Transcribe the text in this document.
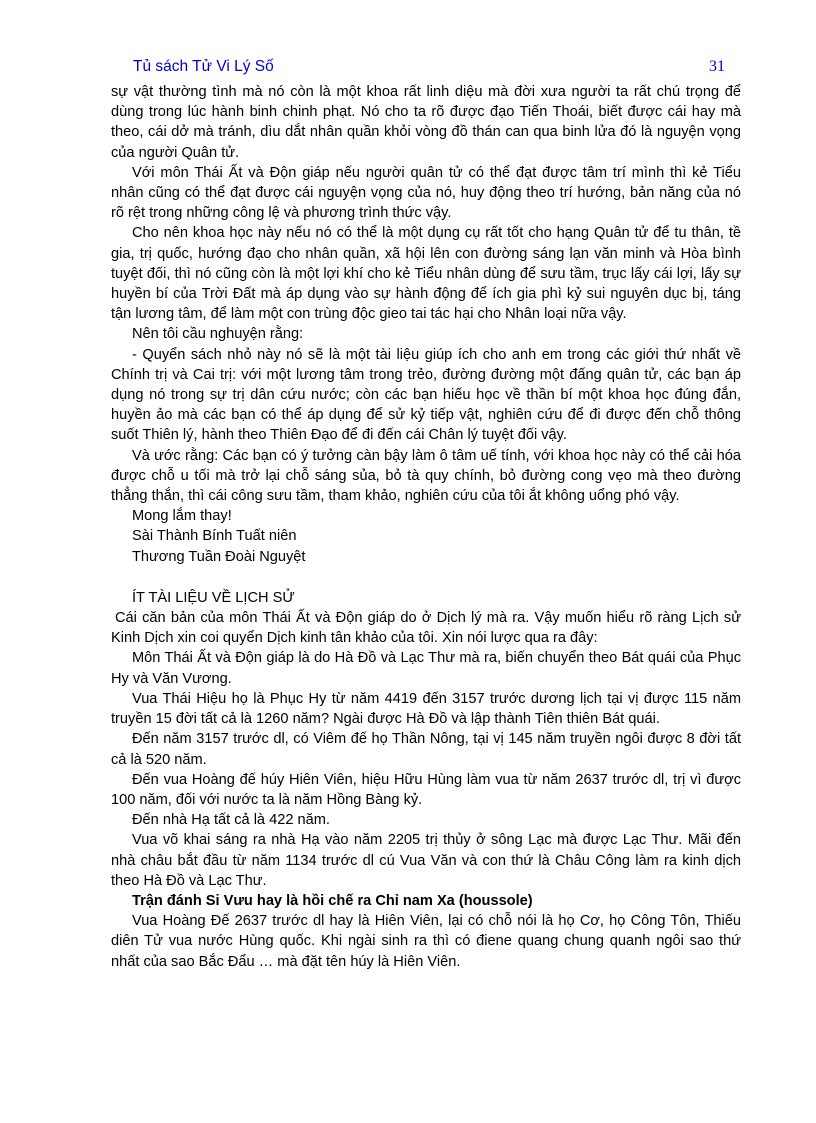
Tủ sách Tử Vi Lý Số	31

sự vật thường tình mà nó còn là một khoa rất linh diệu mà đời xưa người ta rất chú trọng để dùng trong lúc hành binh chinh phạt. Nó cho ta rõ được đạo Tiến Thoái, biết được cái hay mà theo, cái dở mà tránh, dìu dắt nhân quần khỏi vòng đồ thán can qua binh lửa đó là nguyện vọng của người Quân tử.

Với môn Thái Ất và Độn giáp nếu người quân tử có thể đạt được tâm trí mình thì kẻ Tiểu nhân cũng có thể đạt được cái nguyện vọng của nó, huy động theo trí hướng, bản năng của nó rõ rệt trong những công lệ và phương trình thức vậy.

Cho nên khoa học này nếu nó có thể là một dụng cụ rất tốt cho hạng Quân tử để tu thân, tề gia, trị quốc, hướng đạo cho nhân quần, xã hội lên con đường sáng lạn văn minh và Hòa bình tuyệt đối, thì nó cũng còn là một lợi khí cho kẻ Tiểu nhân dùng để sưu tầm, trục lấy cái lợi, lấy sự huyền bí của Trời Đất mà áp dụng vào sự hành động để ích gia phì kỷ sui nguyên dục bị, táng tận lương tâm, để làm một con trùng độc gieo tai tác hại cho Nhân loại nữa vậy.

Nên tôi cầu nghuyện rằng:

- Quyển sách nhỏ này nó sẽ là một tài liệu giúp ích cho anh em trong các giới thứ nhất về Chính trị và Cai trị: với một lương tâm trong trẻo, đường đường một đấng quân tử, các bạn áp dụng nó trong sự trị dân cứu nước; còn các bạn hiếu học về thần bí một khoa học đúng đắn, huyền ảo mà các bạn có thể áp dụng để sử kỷ tiếp vật, nghiên cứu để đi được đến chỗ thông suốt Thiên lý, hành theo Thiên Đạo để đi đến cái Chân lý tuyệt đối vậy.

Và ước rằng: Các bạn có ý tưởng càn bậy làm ô tâm uế tính, với khoa học này có thể cải hóa được chỗ u tối mà trở lại chỗ sáng sủa, bỏ tà quy chính, bỏ đường cong vẹo mà theo đường thẳng thắn, thì cái công sưu tầm, tham khảo, nghiên cứu của tôi ắt không uổng phó vậy.

Mong lắm thay!

Sài Thành Bính Tuất niên

Thương Tuần Đoài Nguyệt

ÍT TÀI LIỆU VỀ LỊCH SỬ

Cái căn bản của môn Thái Ất và Độn giáp do ở Dịch lý mà ra. Vậy muốn hiểu rõ ràng Lịch sử Kinh Dịch xin coi quyển Dịch kinh tân khảo của tôi. Xin nói lược qua ra đây:

Môn Thái Ất và Độn giáp là do Hà Đồ và Lạc Thư mà ra, biến chuyển theo Bát quái của Phục Hy và Văn Vương.

Vua Thái Hiệu họ là Phục Hy từ năm 4419 đến 3157 trước dương lịch tại vị được 115 năm truyền 15 đời tất cả là 1260 năm? Ngài được Hà Đồ và lập thành Tiên thiên Bát quái.

Đến năm 3157 trước dl, có Viêm đế họ Thần Nông, tại vị 145 năm truyền ngôi được 8 đời tất cả là 520 năm.

Đến vua Hoàng đế húy Hiên Viên, hiệu Hữu Hùng làm vua từ năm 2637 trước dl, trị vì được 100 năm, đối với nước ta là năm Hồng Bàng kỷ.

Đến nhà Hạ tất cả là 422 năm.

Vua võ khai sáng ra nhà Hạ vào năm 2205 trị thủy ở sông Lạc mà được Lạc Thư. Mãi đến nhà châu bắt đầu từ năm 1134 trước dl cú Vua Văn và con thứ là Châu Công làm ra kinh dịch theo Hà Đồ và Lạc Thư.

Trận đánh Si Vưu hay là hồi chế ra Chỉ nam Xa (houssole)

Vua Hoàng Đế 2637 trước dl hay là Hiên Viên, lại có chỗ nói là họ Cơ, họ Công Tôn, Thiếu diên Tử vua nước Hùng quốc. Khi ngài sinh ra thì có điene quang chung quanh ngôi sao thứ nhất của sao Bắc Đẩu … mà đặt tên húy là Hiên Viên.
